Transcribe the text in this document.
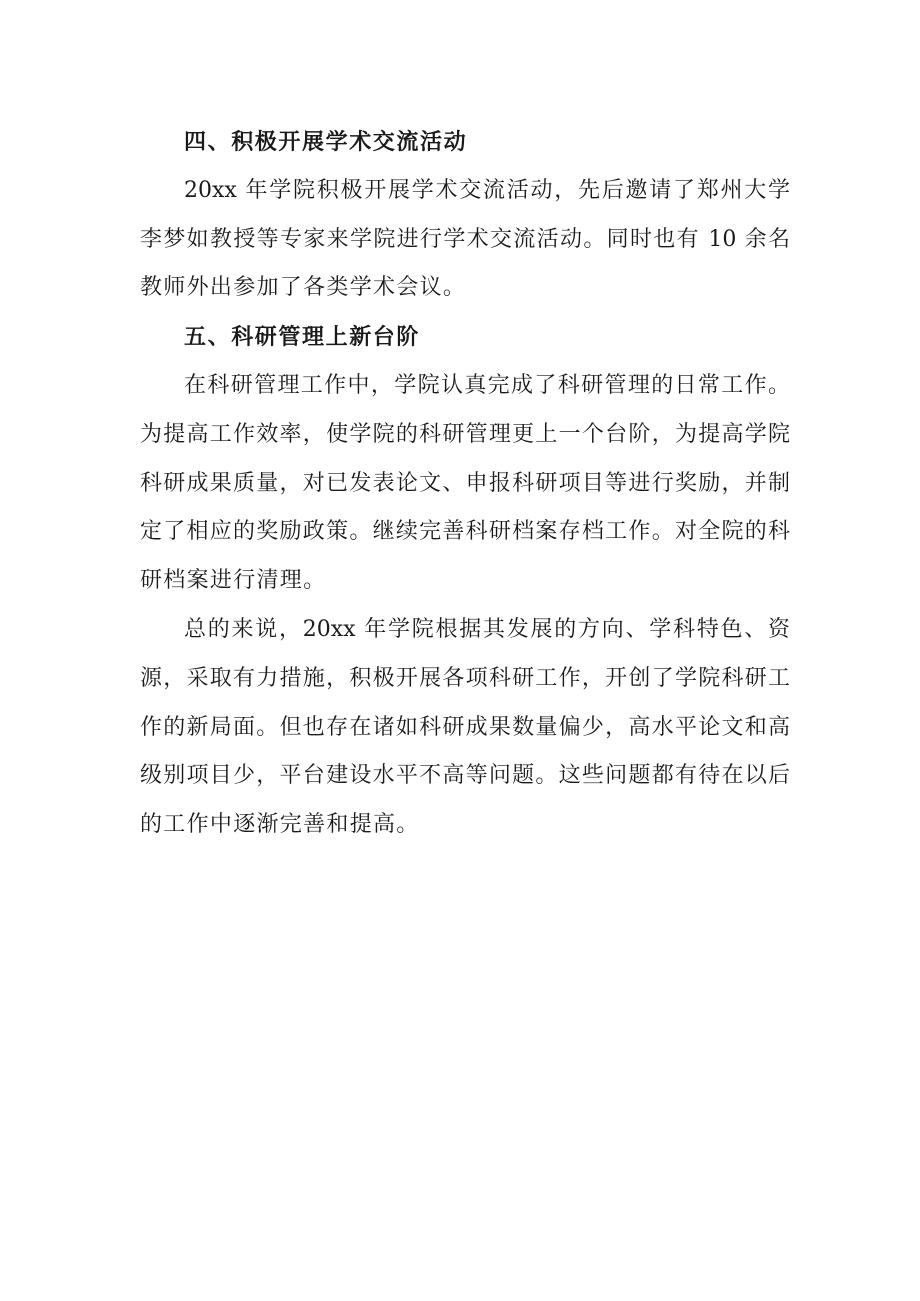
四、积极开展学术交流活动
20xx 年学院积极开展学术交流活动，先后邀请了郑州大学
李梦如教授等专家来学院进行学术交流活动。同时也有 10 余名
教师外出参加了各类学术会议。
五、科研管理上新台阶
在科研管理工作中，学院认真完成了科研管理的日常工作。
为提高工作效率，使学院的科研管理更上一个台阶，为提高学院
科研成果质量，对已发表论文、申报科研项目等进行奖励，并制
定了相应的奖励政策。继续完善科研档案存档工作。对全院的科
研档案进行清理。
总的来说，20xx 年学院根据其发展的方向、学科特色、资
源，采取有力措施，积极开展各项科研工作，开创了学院科研工
作的新局面。但也存在诸如科研成果数量偏少，高水平论文和高
级别项目少，平台建设水平不高等问题。这些问题都有待在以后
的工作中逐渐完善和提高。
